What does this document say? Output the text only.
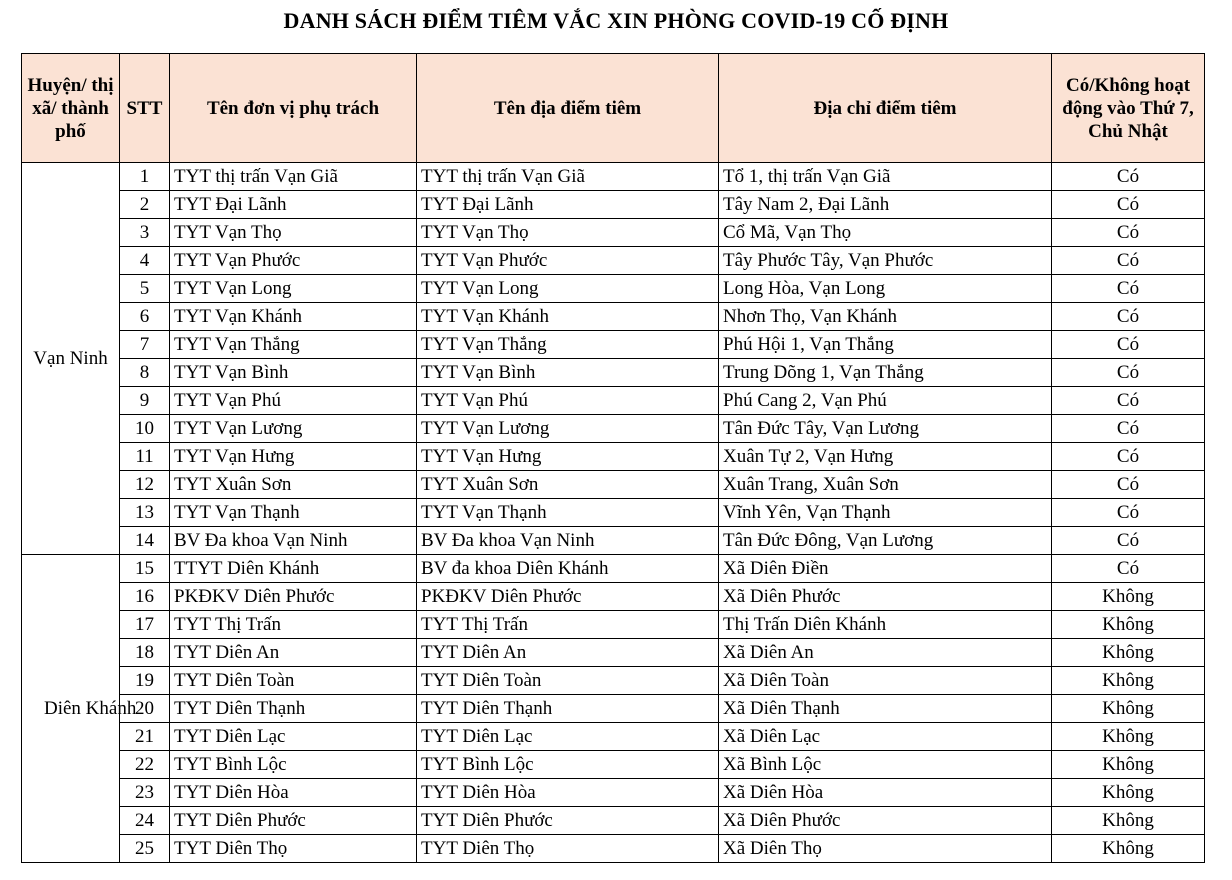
DANH SÁCH ĐIỂM TIÊM VẮC XIN PHÒNG COVID-19 CỐ ĐỊNH
Huyện/ thị xã/ thành phố	STT	Tên đơn vị phụ trách	Tên địa điểm tiêm	Địa chỉ điểm tiêm	Có/Không hoạt động vào Thứ 7, Chủ Nhật
Vạn Ninh	1	TYT thị trấn Vạn Giã	TYT thị trấn Vạn Giã	Tổ 1, thị trấn Vạn Giã	Có
	2	TYT Đại Lãnh	TYT Đại Lãnh	Tây Nam 2, Đại Lãnh	Có
	3	TYT Vạn Thọ	TYT Vạn Thọ	Cổ Mã, Vạn Thọ	Có
	4	TYT Vạn Phước	TYT Vạn Phước	Tây Phước Tây, Vạn Phước	Có
	5	TYT Vạn Long	TYT Vạn Long	Long Hòa, Vạn Long	Có
	6	TYT Vạn Khánh	TYT Vạn Khánh	Nhơn Thọ, Vạn Khánh	Có
	7	TYT Vạn Thắng	TYT Vạn Thắng	Phú Hội 1, Vạn Thắng	Có
	8	TYT Vạn Bình	TYT Vạn Bình	Trung Dõng 1, Vạn Thắng	Có
	9	TYT Vạn Phú	TYT Vạn Phú	Phú Cang 2, Vạn Phú	Có
	10	TYT Vạn Lương	TYT Vạn Lương	Tân Đức Tây, Vạn Lương	Có
	11	TYT Vạn Hưng	TYT Vạn Hưng	Xuân Tự 2, Vạn Hưng	Có
	12	TYT Xuân Sơn	TYT Xuân Sơn	Xuân Trang, Xuân Sơn	Có
	13	TYT Vạn Thạnh	TYT Vạn Thạnh	Vĩnh Yên, Vạn Thạnh	Có
	14	BV Đa khoa Vạn Ninh	BV Đa khoa Vạn Ninh	Tân Đức Đông, Vạn Lương	Có
Diên Khánh	15	TTYT Diên Khánh	BV đa khoa Diên Khánh	Xã Diên Điền	Có
	16	PKĐKV Diên Phước	PKĐKV Diên Phước	Xã Diên Phước	Không
	17	TYT Thị Trấn	TYT Thị Trấn	Thị Trấn Diên Khánh	Không
	18	TYT Diên An	TYT Diên An	Xã Diên An	Không
	19	TYT Diên Toàn	TYT Diên Toàn	Xã Diên Toàn	Không
	20	TYT Diên Thạnh	TYT Diên Thạnh	Xã Diên Thạnh	Không
	21	TYT Diên Lạc	TYT Diên Lạc	Xã Diên Lạc	Không
	22	TYT Bình Lộc	TYT Bình Lộc	Xã Bình Lộc	Không
	23	TYT Diên Hòa	TYT Diên Hòa	Xã Diên Hòa	Không
	24	TYT Diên Phước	TYT Diên Phước	Xã Diên Phước	Không
	25	TYT Diên Thọ	TYT Diên Thọ	Xã Diên Thọ	Không
